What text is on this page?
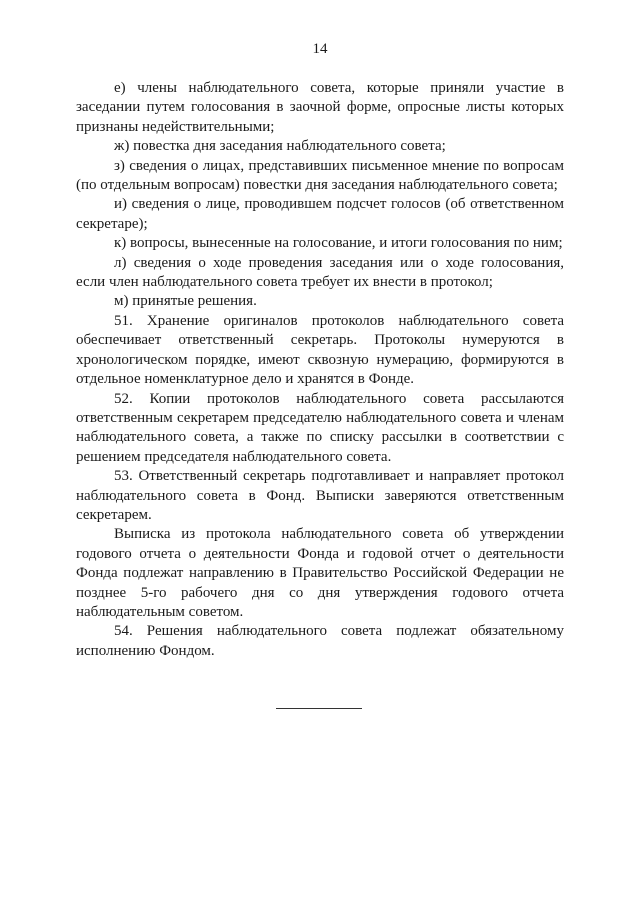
14

е) члены наблюдательного совета, которые приняли участие в заседании путем голосования в заочной форме, опросные листы которых признаны недействительными;

ж) повестка дня заседания наблюдательного совета;

з) сведения о лицах, представивших письменное мнение по вопросам (по отдельным вопросам) повестки дня заседания наблюдательного совета;

и) сведения о лице, проводившем подсчет голосов (об ответственном секретаре);

к) вопросы, вынесенные на голосование, и итоги голосования по ним;

л) сведения о ходе проведения заседания или о ходе голосования, если член наблюдательного совета требует их внести в протокол;

м) принятые решения.

51. Хранение оригиналов протоколов наблюдательного совета обеспечивает ответственный секретарь. Протоколы нумеруются в хронологическом порядке, имеют сквозную нумерацию, формируются в отдельное номенклатурное дело и хранятся в Фонде.

52. Копии протоколов наблюдательного совета рассылаются ответственным секретарем председателю наблюдательного совета и членам наблюдательного совета, а также по списку рассылки в соответствии с решением председателя наблюдательного совета.

53. Ответственный секретарь подготавливает и направляет протокол наблюдательного совета в Фонд. Выписки заверяются ответственным секретарем.

Выписка из протокола наблюдательного совета об утверждении годового отчета о деятельности Фонда и годовой отчет о деятельности Фонда подлежат направлению в Правительство Российской Федерации не позднее 5-го рабочего дня со дня утверждения годового отчета наблюдательным советом.

54. Решения наблюдательного совета подлежат обязательному исполнению Фондом.
